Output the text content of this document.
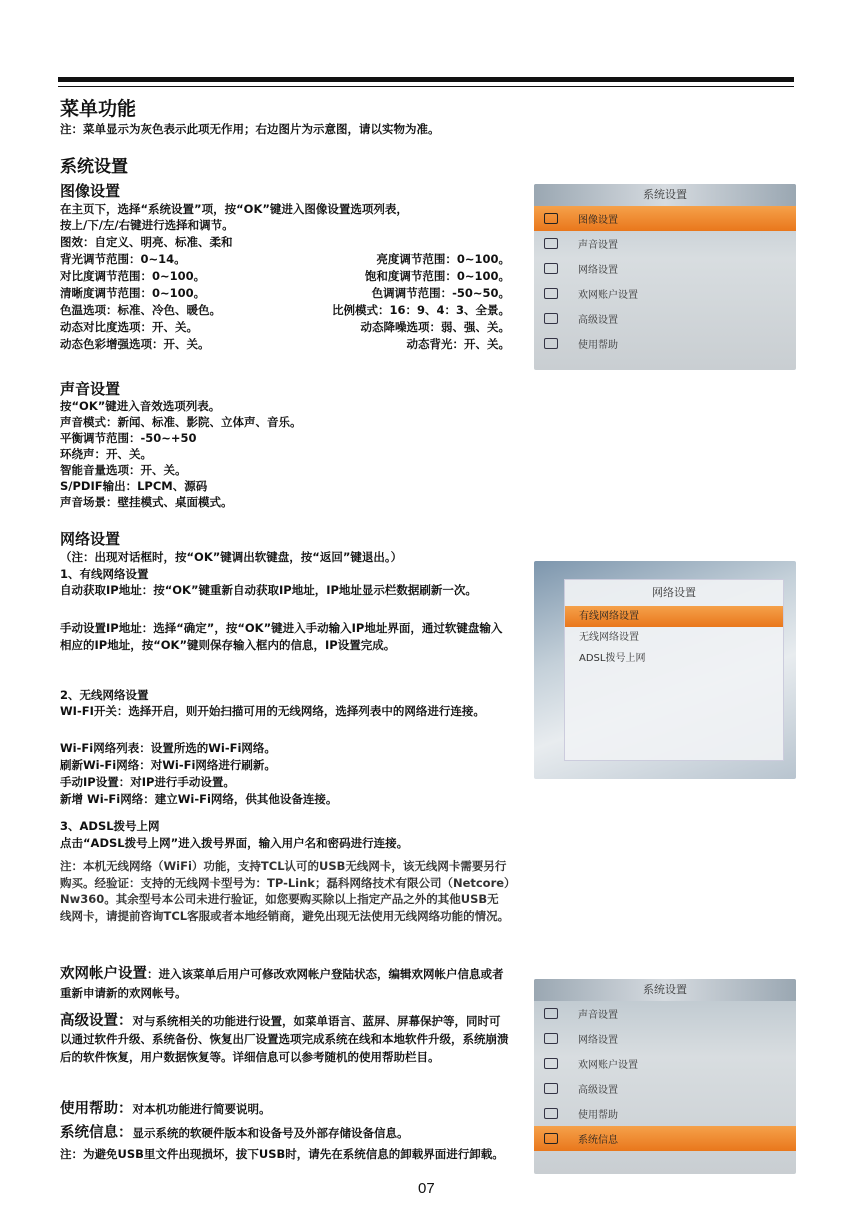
菜单功能
注：菜单显示为灰色表示此项无作用；右边图片为示意图，请以实物为准。
系统设置
图像设置
在主页下，选择“系统设置”项，按“OK”键进入图像设置选项列表，
按上/下/左/右键进行选择和调节。
图效：自定义、明亮、标准、柔和
背光调节范围：0~14。	亮度调节范围：0~100。
对比度调节范围：0~100。	饱和度调节范围：0~100。
清晰度调节范围：0~100。	色调调节范围：-50~50。
色温选项：标准、冷色、暖色。	比例模式：16：9、4：3、全景。
动态对比度选项：开、关。	动态降噪选项：弱、强、关。
动态色彩增强选项：开、关。	动态背光：开、关。
声音设置
按“OK”键进入音效选项列表。
声音模式：新闻、标准、影院、立体声、音乐。
平衡调节范围：-50~+50
环绕声：开、关。
智能音量选项：开、关。
S/PDIF输出：LPCM、源码
声音场景：壁挂模式、桌面模式。
网络设置
（注：出现对话框时，按“OK”键调出软键盘，按“返回”键退出。）
1、有线网络设置
自动获取IP地址：按“OK”键重新自动获取IP地址，IP地址显示栏数据刷新一次。
手动设置IP地址：选择“确定”，按“OK”键进入手动输入IP地址界面，通过软键盘输入相应的IP地址，按“OK”键则保存输入框内的信息，IP设置完成。
2、无线网络设置
WI-FI开关：选择开启，则开始扫描可用的无线网络，选择列表中的网络进行连接。
Wi-Fi网络列表：设置所选的Wi-Fi网络。
刷新Wi-Fi网络：对Wi-Fi网络进行刷新。
手动IP设置：对IP进行手动设置。
新增 Wi-Fi网络：建立Wi-Fi网络，供其他设备连接。
3、ADSL拨号上网
点击“ADSL拨号上网”进入拨号界面，输入用户名和密码进行连接。
注：本机无线网络（WiFi）功能，支持TCL认可的USB无线网卡，该无线网卡需要另行购买。经验证：支持的无线网卡型号为：TP-Link；磊科网络技术有限公司（Netcore）Nw360。其余型号本公司未进行验证，如您要购买除以上指定产品之外的其他USB无线网卡，请提前咨询TCL客服或者本地经销商，避免出现无法使用无线网络功能的情况。
欢网帐户设置：进入该菜单后用户可修改欢网帐户登陆状态，编辑欢网帐户信息或者重新申请新的欢网帐号。
高级设置：对与系统相关的功能进行设置，如菜单语言、蓝屏、屏幕保护等，同时可以通过软件升级、系统备份、恢复出厂设置选项完成系统在线和本地软件升级，系统崩溃后的软件恢复，用户数据恢复等。详细信息可以参考随机的使用帮助栏目。
使用帮助：对本机功能进行简要说明。
系统信息：显示系统的软硬件版本和设备号及外部存储设备信息。
注：为避免USB里文件出现损坏，拔下USB时，请先在系统信息的卸载界面进行卸载。
07
系统设置
图像设置
声音设置
网络设置
欢网账户设置
高级设置
使用帮助
网络设置
有线网络设置
无线网络设置
ADSL拨号上网
系统设置
声音设置
网络设置
欢网账户设置
高级设置
使用帮助
系统信息
